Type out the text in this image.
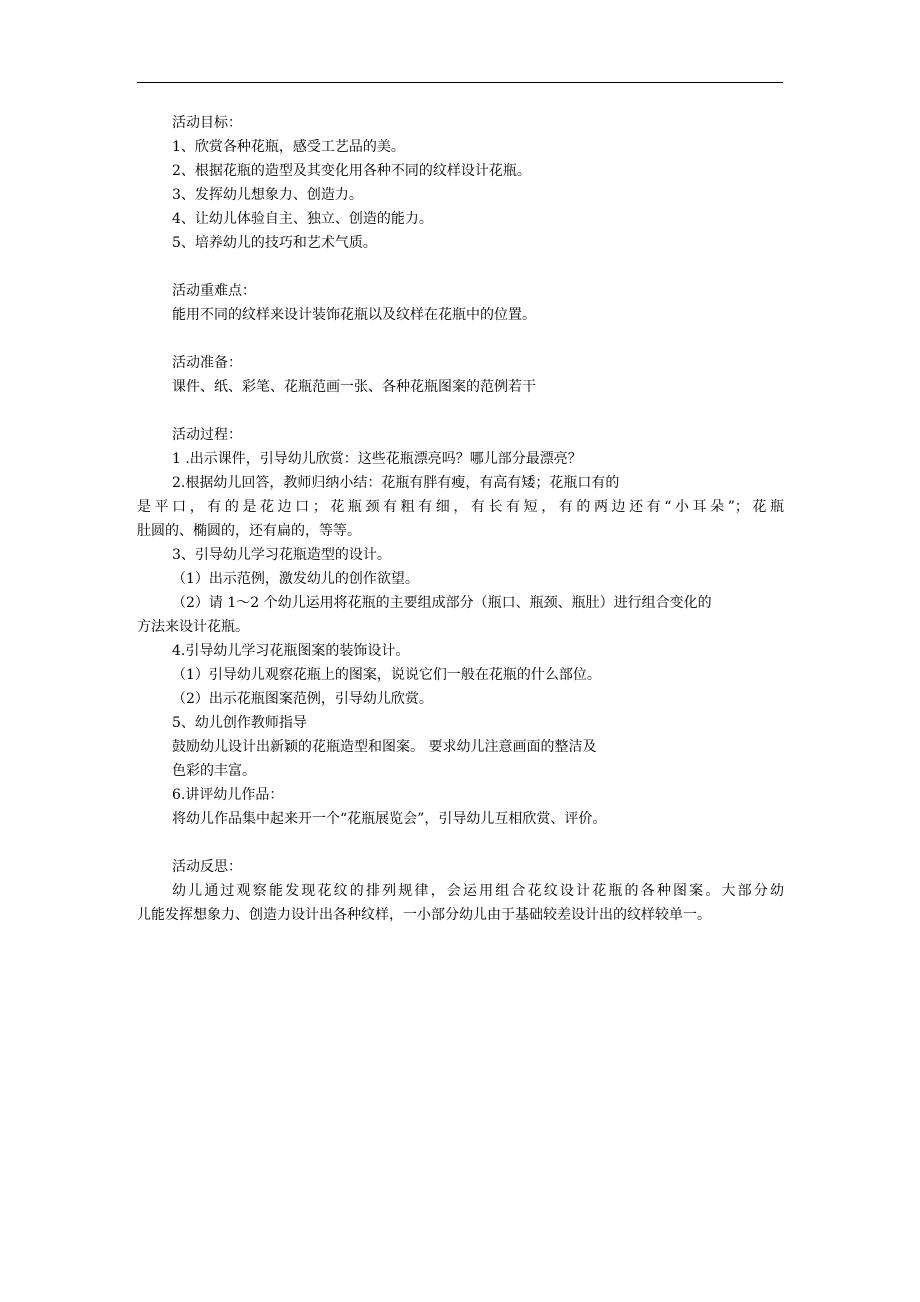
活动目标：
1、欣赏各种花瓶，感受工艺品的美。
2、根据花瓶的造型及其变化用各种不同的纹样设计花瓶。
3、发挥幼儿想象力、创造力。
4、让幼儿体验自主、独立、创造的能力。
5、培养幼儿的技巧和艺术气质。
活动重难点：
能用不同的纹样来设计装饰花瓶以及纹样在花瓶中的位置。
活动准备：
课件、纸、彩笔、花瓶范画一张、各种花瓶图案的范例若干
活动过程：
1 .出示课件，引导幼儿欣赏：这些花瓶漂亮吗？哪儿部分最漂亮？
2.根据幼儿回答，教师归纳小结：花瓶有胖有瘦，有高有矮；花瓶口有的
是平口，有的是花边口；花瓶颈有粗有细，有长有短，有的两边还有“小耳朵”；花瓶
肚圆的、椭圆的，还有扁的，等等。
3、引导幼儿学习花瓶造型的设计。
（1）出示范例，激发幼儿的创作欲望。
（2）请 1～2 个幼儿运用将花瓶的主要组成部分（瓶口、瓶颈、瓶肚）进行组合变化的
方法来设计花瓶。
4.引导幼儿学习花瓶图案的装饰设计。
（1）引导幼儿观察花瓶上的图案，说说它们一般在花瓶的什么部位。
（2）出示花瓶图案范例，引导幼儿欣赏。
5、幼儿创作教师指导
鼓励幼儿设计出新颖的花瓶造型和图案。 要求幼儿注意画面的整洁及
色彩的丰富。
6.讲评幼儿作品：
将幼儿作品集中起来开一个“花瓶展览会”，引导幼儿互相欣赏、评价。
活动反思：
幼儿通过观察能发现花纹的排列规律，会运用组合花纹设计花瓶的各种图案。大部分幼
儿能发挥想象力、创造力设计出各种纹样，一小部分幼儿由于基础较差设计出的纹样较单一。
